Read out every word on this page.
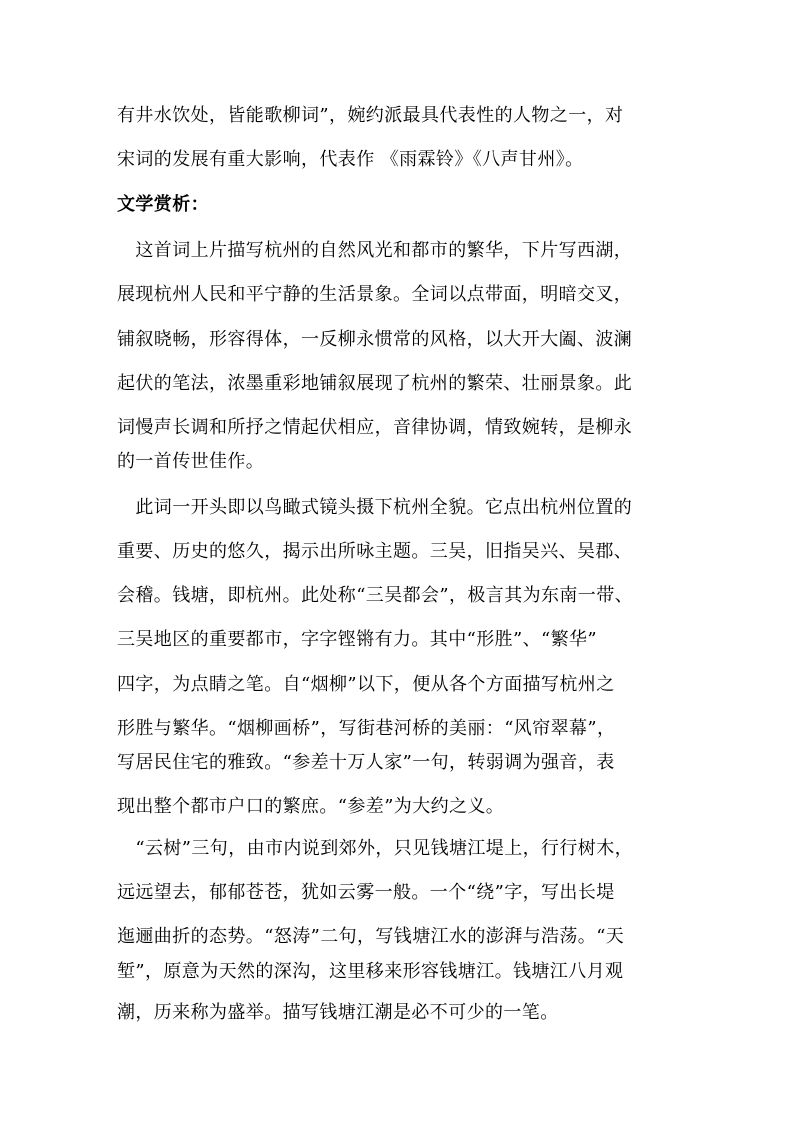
有井水饮处，皆能歌柳词”，婉约派最具代表性的人物之一，对
宋词的发展有重大影响，代表作 《雨霖铃》《八声甘州》。
文学赏析：
　这首词上片描写杭州的自然风光和都市的繁华，下片写西湖，
展现杭州人民和平宁静的生活景象。全词以点带面，明暗交叉，
铺叙晓畅，形容得体，一反柳永惯常的风格，以大开大阖、波澜
起伏的笔法，浓墨重彩地铺叙展现了杭州的繁荣、壮丽景象。此
词慢声长调和所抒之情起伏相应，音律协调，情致婉转，是柳永
的一首传世佳作。
　此词一开头即以鸟瞰式镜头摄下杭州全貌。它点出杭州位置的
重要、历史的悠久，揭示出所咏主题。三吴，旧指吴兴、吴郡、
会稽。钱塘，即杭州。此处称“三吴都会”，极言其为东南一带、
三吴地区的重要都市，字字铿锵有力。其中“形胜”、“繁华”
四字，为点睛之笔。自“烟柳”以下，便从各个方面描写杭州之
形胜与繁华。“烟柳画桥”，写街巷河桥的美丽：“风帘翠幕”，
写居民住宅的雅致。“参差十万人家”一句，转弱调为强音，表
现出整个都市户口的繁庶。“参差”为大约之义。
　“云树”三句，由市内说到郊外，只见钱塘江堤上，行行树木，
远远望去，郁郁苍苍，犹如云雾一般。一个“绕”字，写出长堤
迤逦曲折的态势。“怒涛”二句，写钱塘江水的澎湃与浩荡。“天
堑”，原意为天然的深沟，这里移来形容钱塘江。钱塘江八月观
潮，历来称为盛举。描写钱塘江潮是必不可少的一笔。
